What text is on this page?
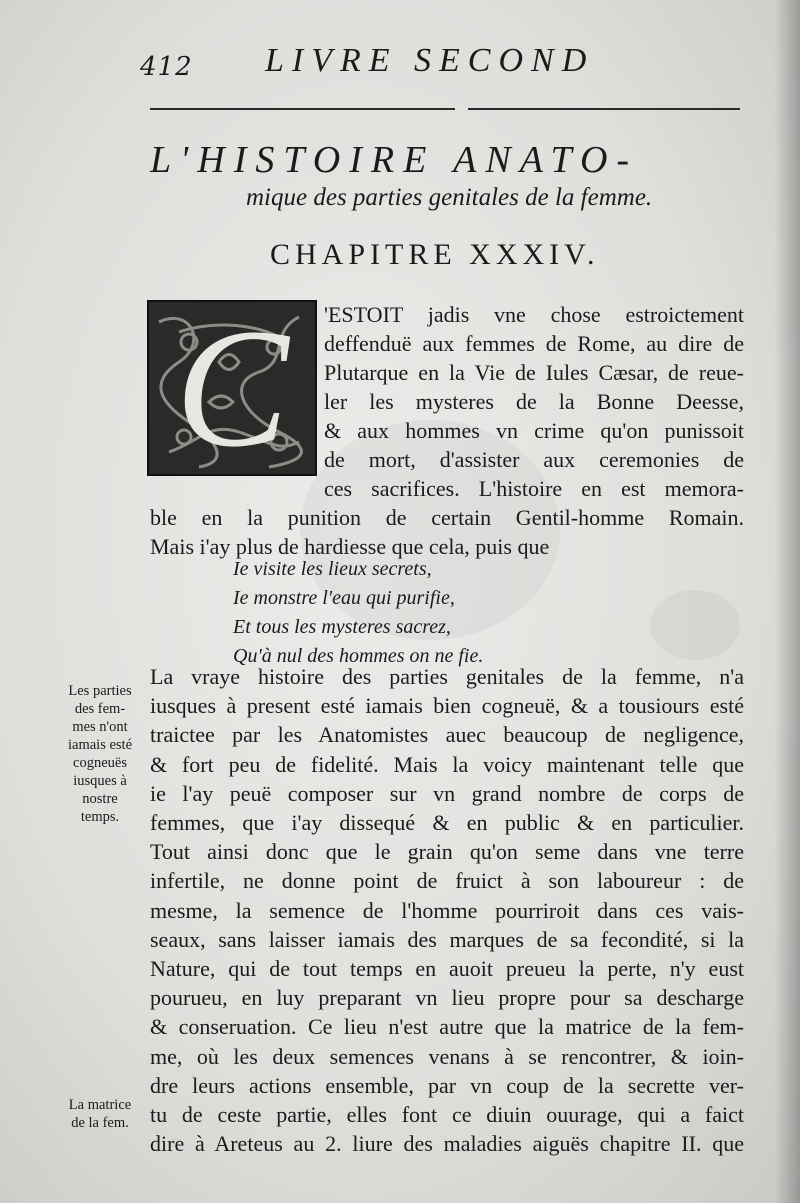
412 LIVRE SECOND
L'HISTOIRE ANATO-
mique des parties genitales de la femme.
CHAPITRE XXXIV.
C	'ESTOIT jadis vne chose estroictement
deffenduë aux femmes de Rome, au dire de
Plutarque en la Vie de Iules Cæsar, de reue-
ler les mysteres de la Bonne Deesse,
& aux hommes vn crime qu'on punissoit
de mort, d'assister aux ceremonies de
ces sacrifices. L'histoire en est memora-
ble en la punition de certain Gentil-homme Romain.
Mais i'ay plus de hardiesse que cela, puis que
Ie visite les lieux secrets,
Ie monstre l'eau qui purifie,
Et tous les mysteres sacrez,
Qu'à nul des hommes on ne fie.
La vraye histoire des parties genitales de la femme, n'a
iusques à present esté iamais bien cogneuë, & a tousiours esté
traictee par les Anatomistes auec beaucoup de negligence,
& fort peu de fidelité. Mais la voicy maintenant telle que
ie l'ay peuë composer sur vn grand nombre de corps de
femmes, que i'ay dissequé & en public & en particulier.
Tout ainsi donc que le grain qu'on seme dans vne terre
infertile, ne donne point de fruict à son laboureur : de
mesme, la semence de l'homme pourriroit dans ces vais-
seaux, sans laisser iamais des marques de sa fecondité, si la
Nature, qui de tout temps en auoit preueu la perte, n'y eust
pourueu, en luy preparant vn lieu propre pour sa descharge
& conseruation. Ce lieu n'est autre que la matrice de la fem-
me, où les deux semences venans à se rencontrer, & ioin-
dre leurs actions ensemble, par vn coup de la secrette ver-
tu de ceste partie, elles font ce diuin ouurage, qui a faict
dire à Areteus au 2. liure des maladies aiguës chapitre II. que
Les parties
des fem-
mes n'ont
iamais esté
cogneuës
iusques à
nostre
temps.
La matrice
de la fem.
